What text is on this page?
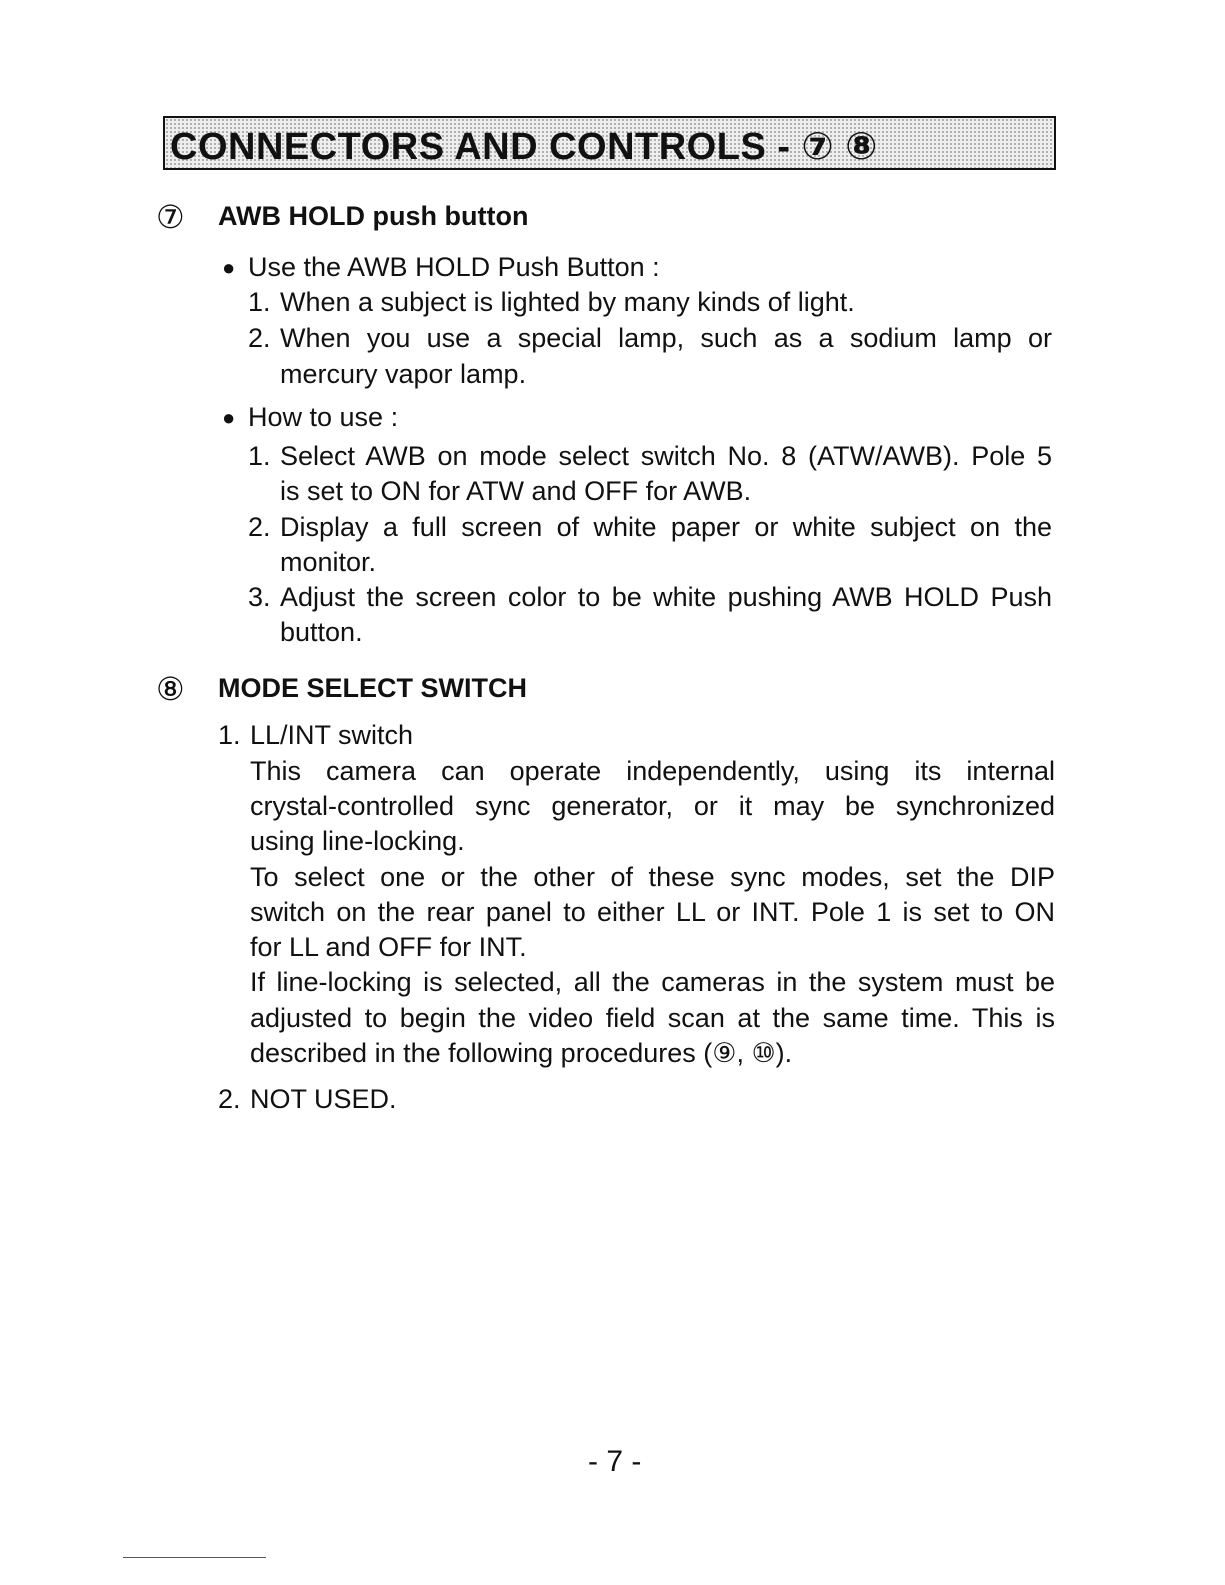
CONNECTORS AND CONTROLS - ⑦ ⑧
⑦ AWB HOLD push button
● Use the AWB HOLD Push Button :
1. When a subject is lighted by many kinds of light.
2. When you use a special lamp, such as a sodium lamp or
mercury vapor lamp.
● How to use :
1. Select AWB on mode select switch No. 8 (ATW/AWB). Pole 5
is set to ON for ATW and OFF for AWB.
2. Display a full screen of white paper or white subject on the
monitor.
3. Adjust the screen color to be white pushing AWB HOLD Push
button.
⑧ MODE SELECT SWITCH
1. LL/INT switch
This camera can operate independently, using its internal
crystal-controlled sync generator, or it may be synchronized
using line-locking.
To select one or the other of these sync modes, set the DIP
switch on the rear panel to either LL or INT. Pole 1 is set to ON
for LL and OFF for INT.
If line-locking is selected, all the cameras in the system must be
adjusted to begin the video field scan at the same time. This is
described in the following procedures (⑨, ⑩).
2. NOT USED.
- 7 -
